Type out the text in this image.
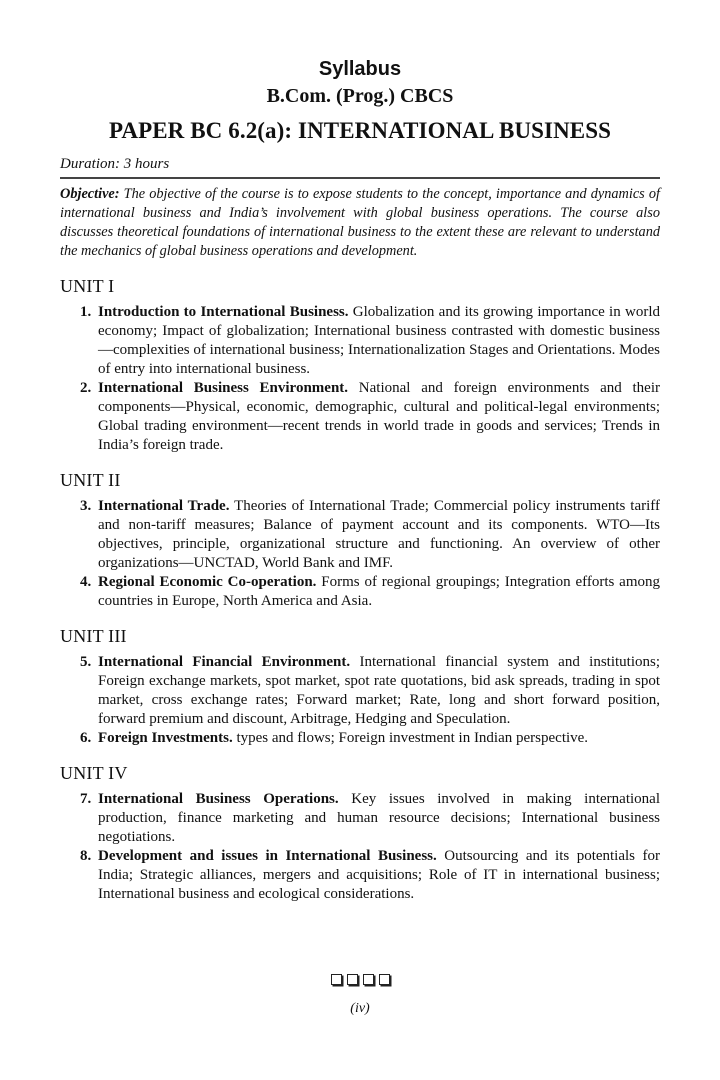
Syllabus
B.Com. (Prog.) CBCS
PAPER BC 6.2(a): INTERNATIONAL BUSINESS
Duration: 3 hours
Objective: The objective of the course is to expose students to the concept, importance and dynamics of international business and India’s involvement with global business operations. The course also discusses theoretical foundations of international business to the extent these are relevant to understand the mechanics of global business operations and development.
UNIT I
1. Introduction to International Business. Globalization and its growing importance in world economy; Impact of globalization; International business contrasted with domestic business—complexities of international business; Internationalization Stages and Orientations. Modes of entry into international business.
2. International Business Environment. National and foreign environments and their components—Physical, economic, demographic, cultural and political-legal environments; Global trading environment—recent trends in world trade in goods and services; Trends in India’s foreign trade.
UNIT II
3. International Trade. Theories of International Trade; Commercial policy instruments tariff and non-tariff measures; Balance of payment account and its components. WTO—Its objectives, principle, organizational structure and functioning. An overview of other organizations—UNCTAD, World Bank and IMF.
4. Regional Economic Co-operation. Forms of regional groupings; Integration efforts among countries in Europe, North America and Asia.
UNIT III
5. International Financial Environment. International financial system and institutions; Foreign exchange markets, spot market, spot rate quotations, bid ask spreads, trading in spot market, cross exchange rates; Forward market; Rate, long and short forward position, forward premium and discount, Arbitrage, Hedging and Speculation.
6. Foreign Investments. types and flows; Foreign investment in Indian perspective.
UNIT IV
7. International Business Operations. Key issues involved in making international production, finance marketing and human resource decisions; International business negotiations.
8. Development and issues in International Business. Outsourcing and its potentials for India; Strategic alliances, mergers and acquisitions; Role of IT in international business; International business and ecological considerations.
(iv)
